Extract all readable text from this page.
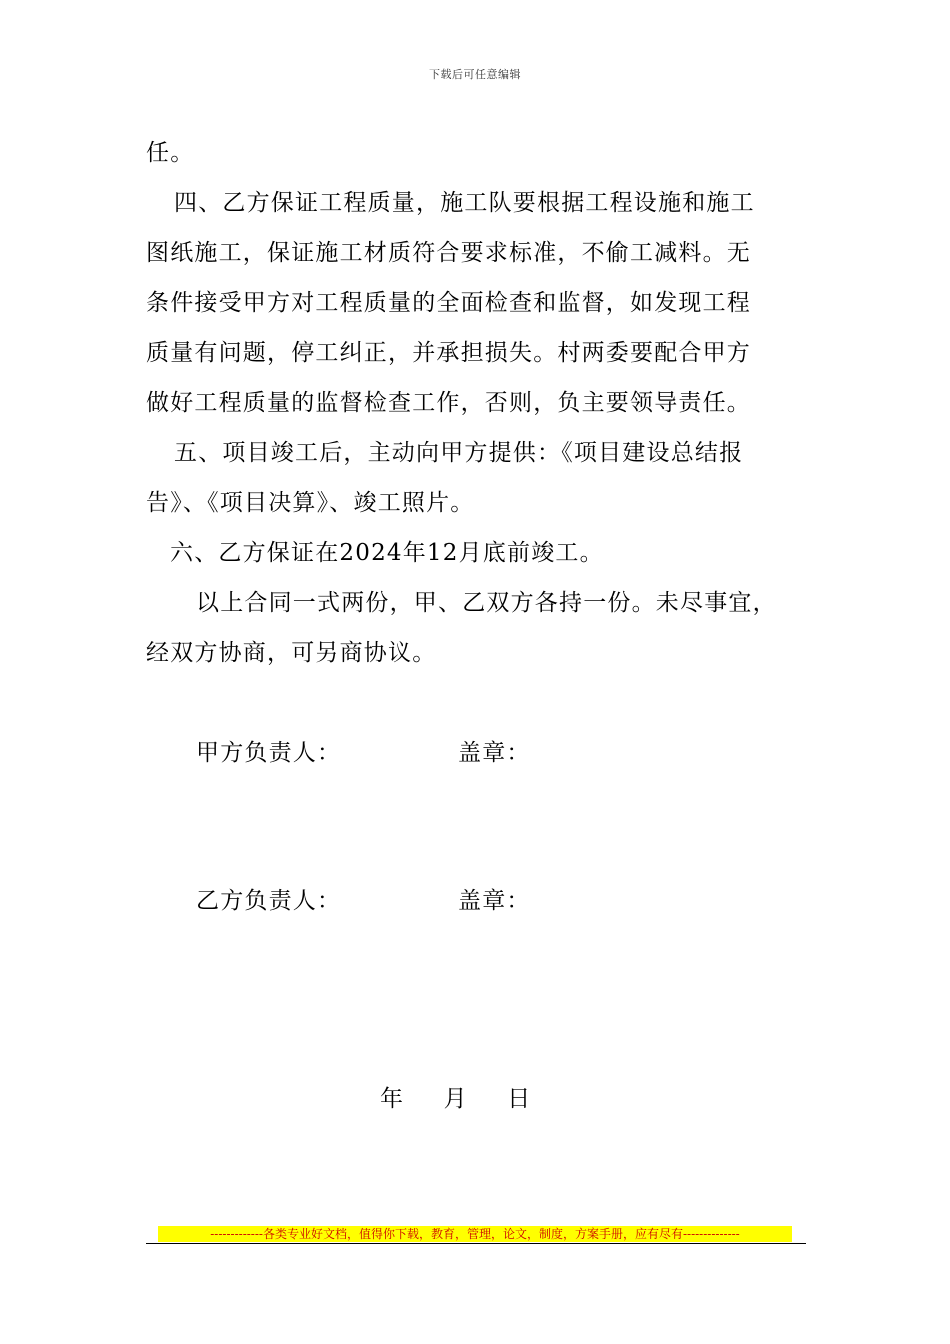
下载后可任意编辑
任。
四、乙方保证工程质量，施工队要根据工程设施和施工
图纸施工，保证施工材质符合要求标准，不偷工减料。无
条件接受甲方对工程质量的全面检查和监督，如发现工程
质量有问题，停工纠正，并承担损失。村两委要配合甲方
做好工程质量的监督检查工作，否则，负主要领导责任。
五、项目竣工后，主动向甲方提供：《项目建设总结报
告》、《项目决算》、竣工照片。
六、乙方保证在2024年12月底前竣工。
以上合同一式两份，甲、乙双方各持一份。未尽事宜，
经双方协商，可另商协议。
甲方负责人：	盖章：
乙方负责人：	盖章：
年 月 日
-------------各类专业好文档，值得你下载，教育，管理，论文，制度，方案手册，应有尽有--------------
